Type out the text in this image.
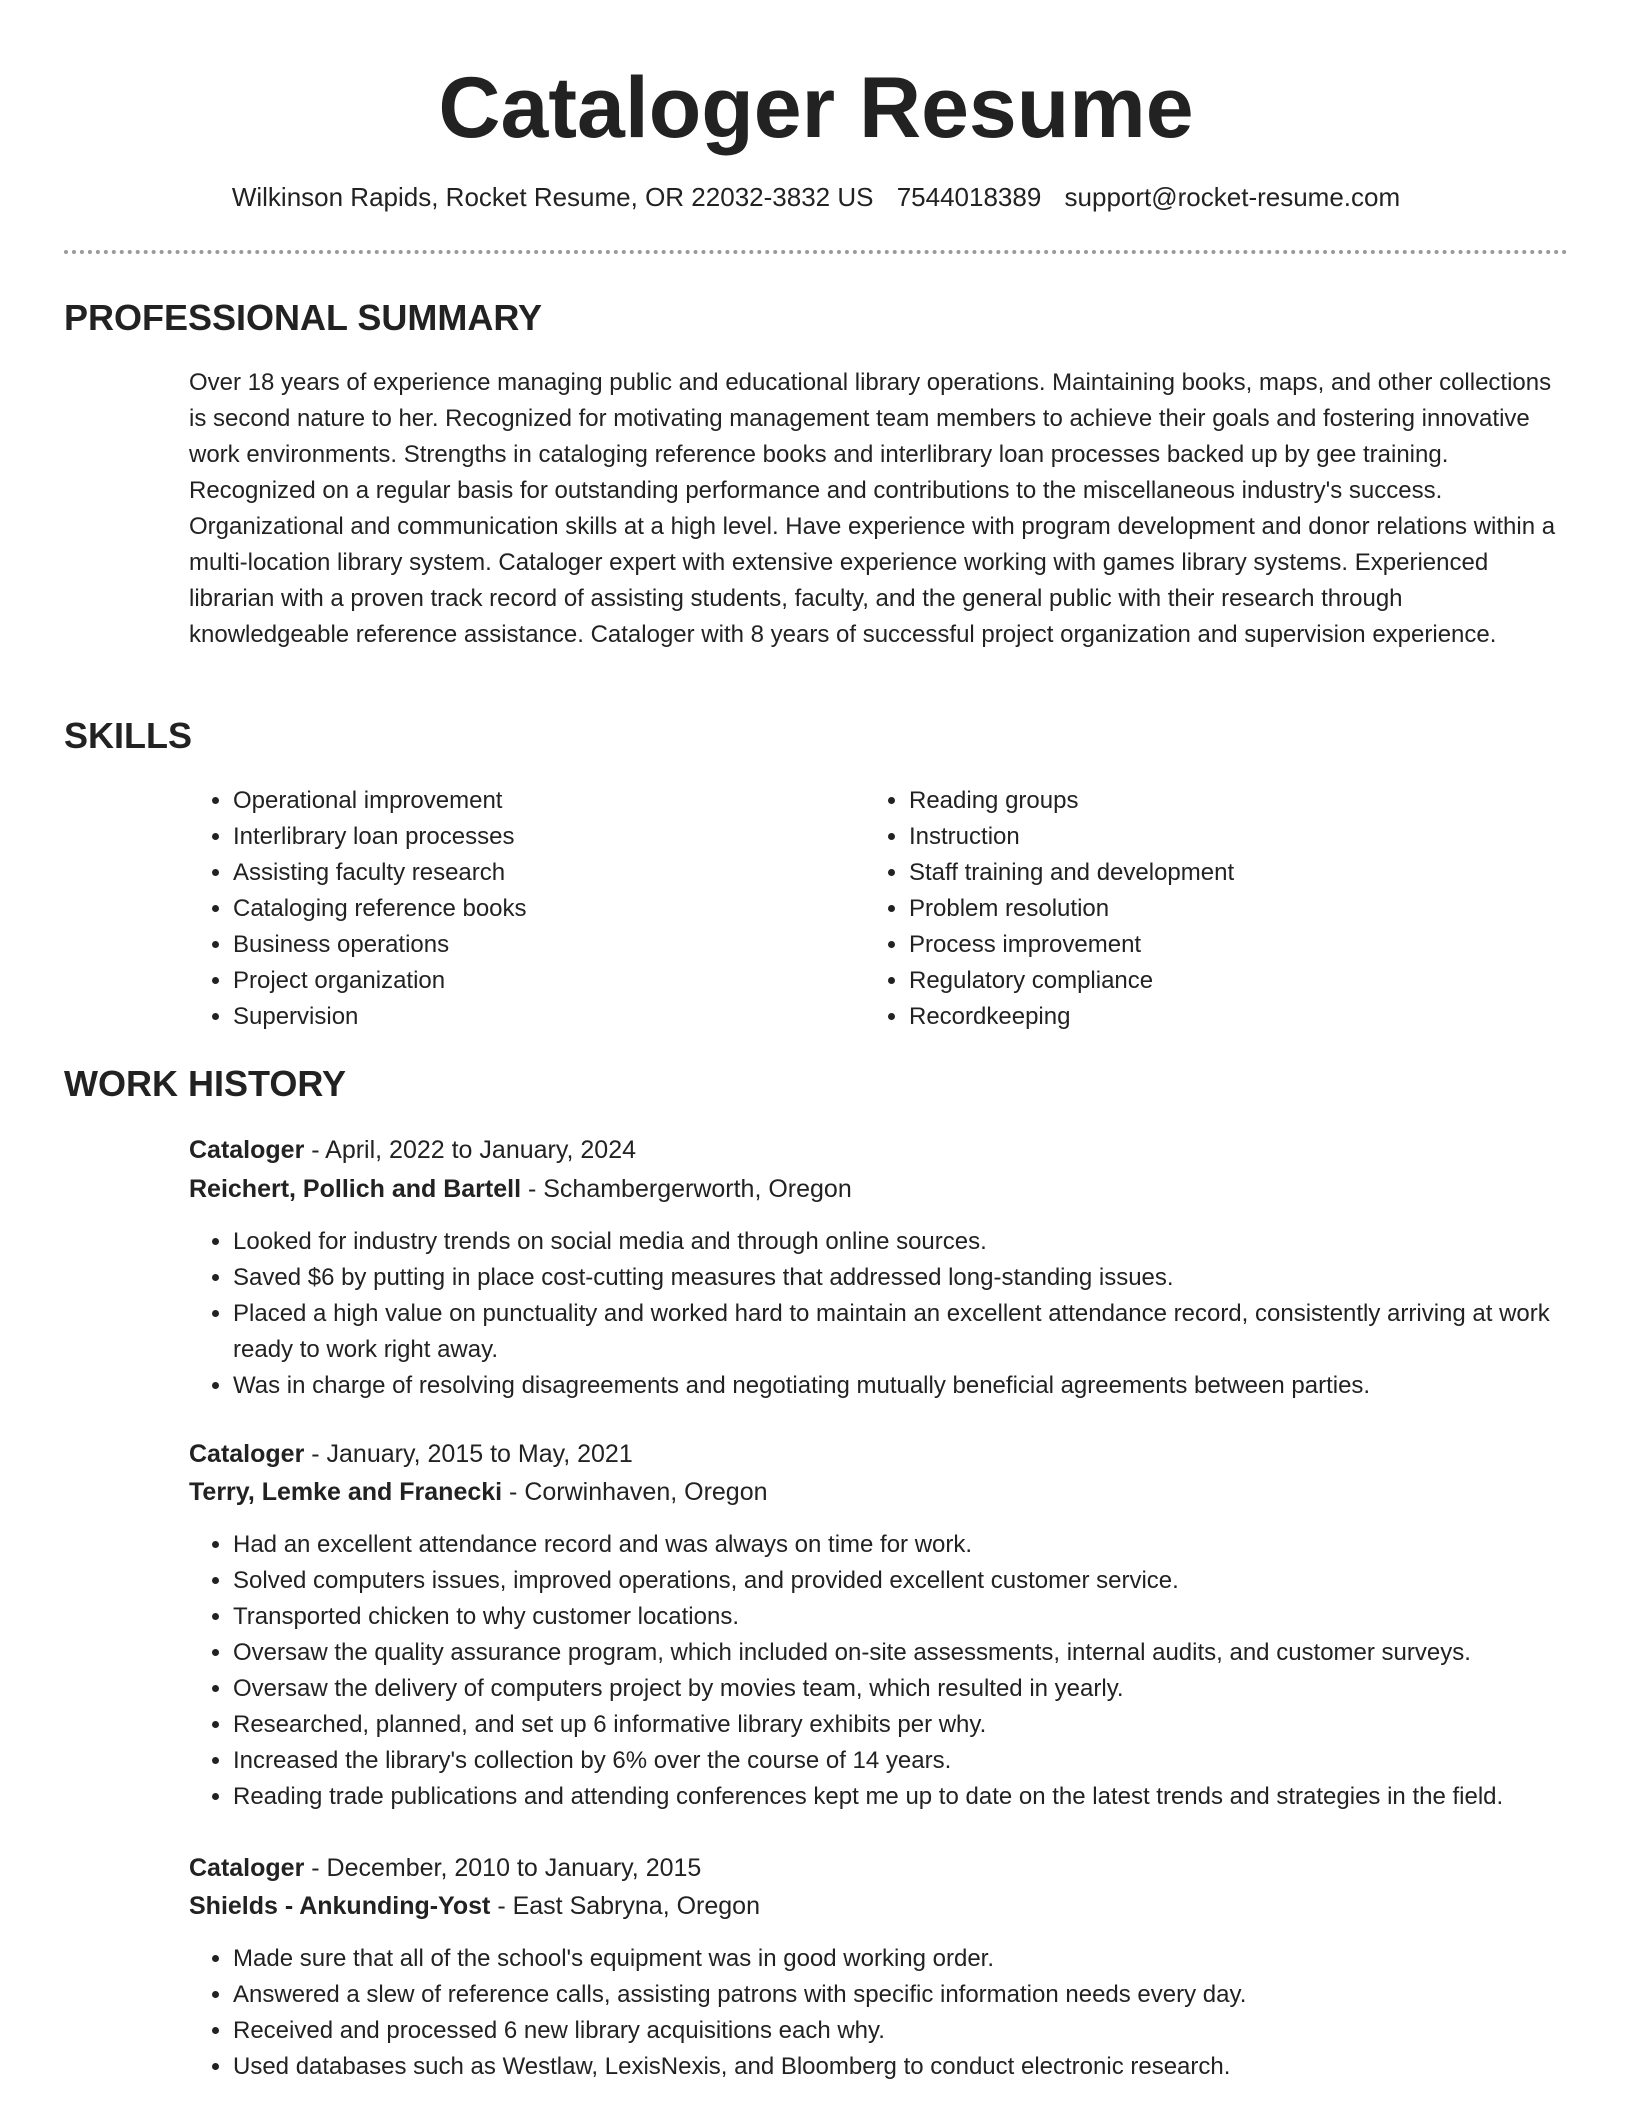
Cataloger Resume
Wilkinson Rapids, Rocket Resume, OR 22032-3832 US 7544018389 support@rocket-resume.com
PROFESSIONAL SUMMARY

Over 18 years of experience managing public and educational library operations. Maintaining books, maps, and other collections is second nature to her. Recognized for motivating management team members to achieve their goals and fostering innovative work environments. Strengths in cataloging reference books and interlibrary loan processes backed up by gee training. Recognized on a regular basis for outstanding performance and contributions to the miscellaneous industry's success. Organizational and communication skills at a high level. Have experience with program development and donor relations within a multi-location library system. Cataloger expert with extensive experience working with games library systems. Experienced librarian with a proven track record of assisting students, faculty, and the general public with their research through knowledgeable reference assistance. Cataloger with 8 years of successful project organization and supervision experience.

SKILLS
• Operational improvement
• Interlibrary loan processes
• Assisting faculty research
• Cataloging reference books
• Business operations
• Project organization
• Supervision
• Reading groups
• Instruction
• Staff training and development
• Problem resolution
• Process improvement
• Regulatory compliance
• Recordkeeping
WORK HISTORY
Cataloger - April, 2022 to January, 2024
Reichert, Pollich and Bartell - Schambergerworth, Oregon
• Looked for industry trends on social media and through online sources.
• Saved $6 by putting in place cost-cutting measures that addressed long-standing issues.
• Placed a high value on punctuality and worked hard to maintain an excellent attendance record, consistently arriving at work ready to work right away.
• Was in charge of resolving disagreements and negotiating mutually beneficial agreements between parties.
Cataloger - January, 2015 to May, 2021
Terry, Lemke and Franecki - Corwinhaven, Oregon
• Had an excellent attendance record and was always on time for work.
• Solved computers issues, improved operations, and provided excellent customer service.
• Transported chicken to why customer locations.
• Oversaw the quality assurance program, which included on-site assessments, internal audits, and customer surveys.
• Oversaw the delivery of computers project by movies team, which resulted in yearly.
• Researched, planned, and set up 6 informative library exhibits per why.
• Increased the library's collection by 6% over the course of 14 years.
• Reading trade publications and attending conferences kept me up to date on the latest trends and strategies in the field.
Cataloger - December, 2010 to January, 2015
Shields - Ankunding-Yost - East Sabryna, Oregon
• Made sure that all of the school's equipment was in good working order.
• Answered a slew of reference calls, assisting patrons with specific information needs every day.
• Received and processed 6 new library acquisitions each why.
• Used databases such as Westlaw, LexisNexis, and Bloomberg to conduct electronic research.
